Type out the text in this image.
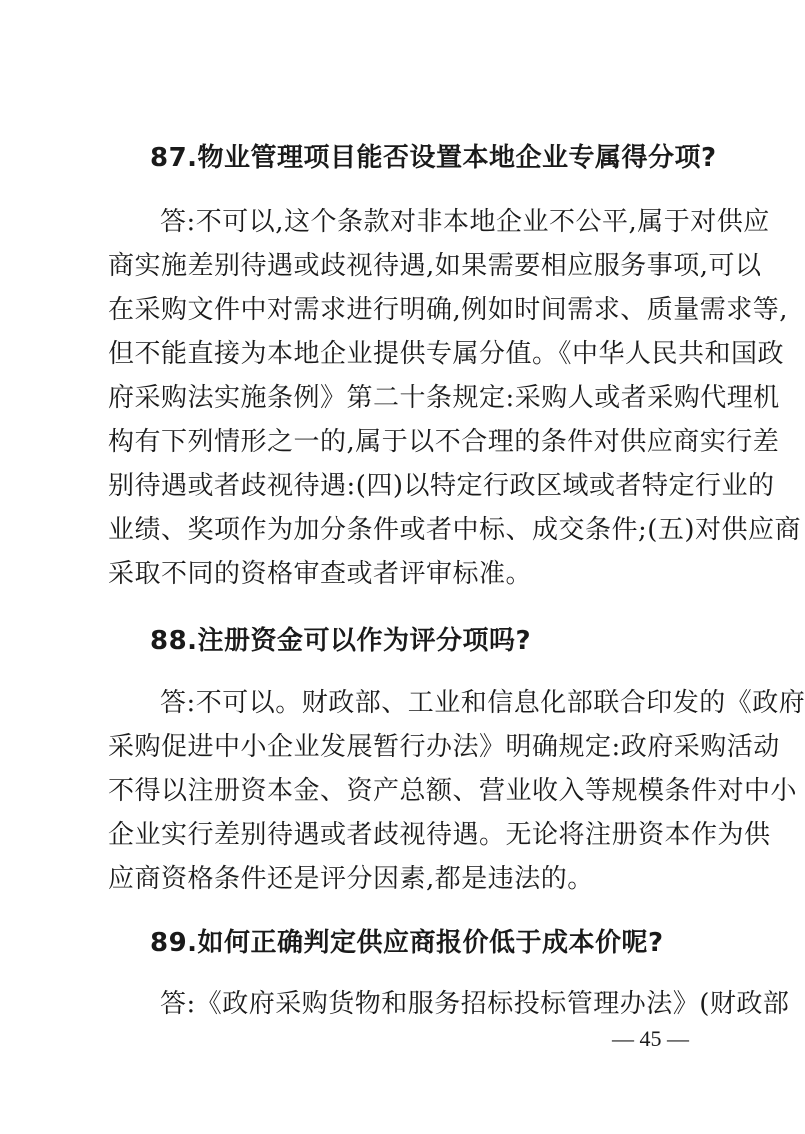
87.物业管理项目能否设置本地企业专属得分项?
答:不可以,这个条款对非本地企业不公平,属于对供应
商实施差别待遇或歧视待遇,如果需要相应服务事项,可以
在采购文件中对需求进行明确,例如时间需求、质量需求等,
但不能直接为本地企业提供专属分值。《中华人民共和国政
府采购法实施条例》第二十条规定:采购人或者采购代理机
构有下列情形之一的,属于以不合理的条件对供应商实行差
别待遇或者歧视待遇:(四)以特定行政区域或者特定行业的
业绩、奖项作为加分条件或者中标、成交条件;(五)对供应商
采取不同的资格审查或者评审标准。
88.注册资金可以作为评分项吗?
答:不可以。财政部、工业和信息化部联合印发的《政府
采购促进中小企业发展暂行办法》明确规定:政府采购活动
不得以注册资本金、资产总额、营业收入等规模条件对中小
企业实行差别待遇或者歧视待遇。无论将注册资本作为供
应商资格条件还是评分因素,都是违法的。
89.如何正确判定供应商报价低于成本价呢?
答:《政府采购货物和服务招标投标管理办法》(财政部
— 45 —
